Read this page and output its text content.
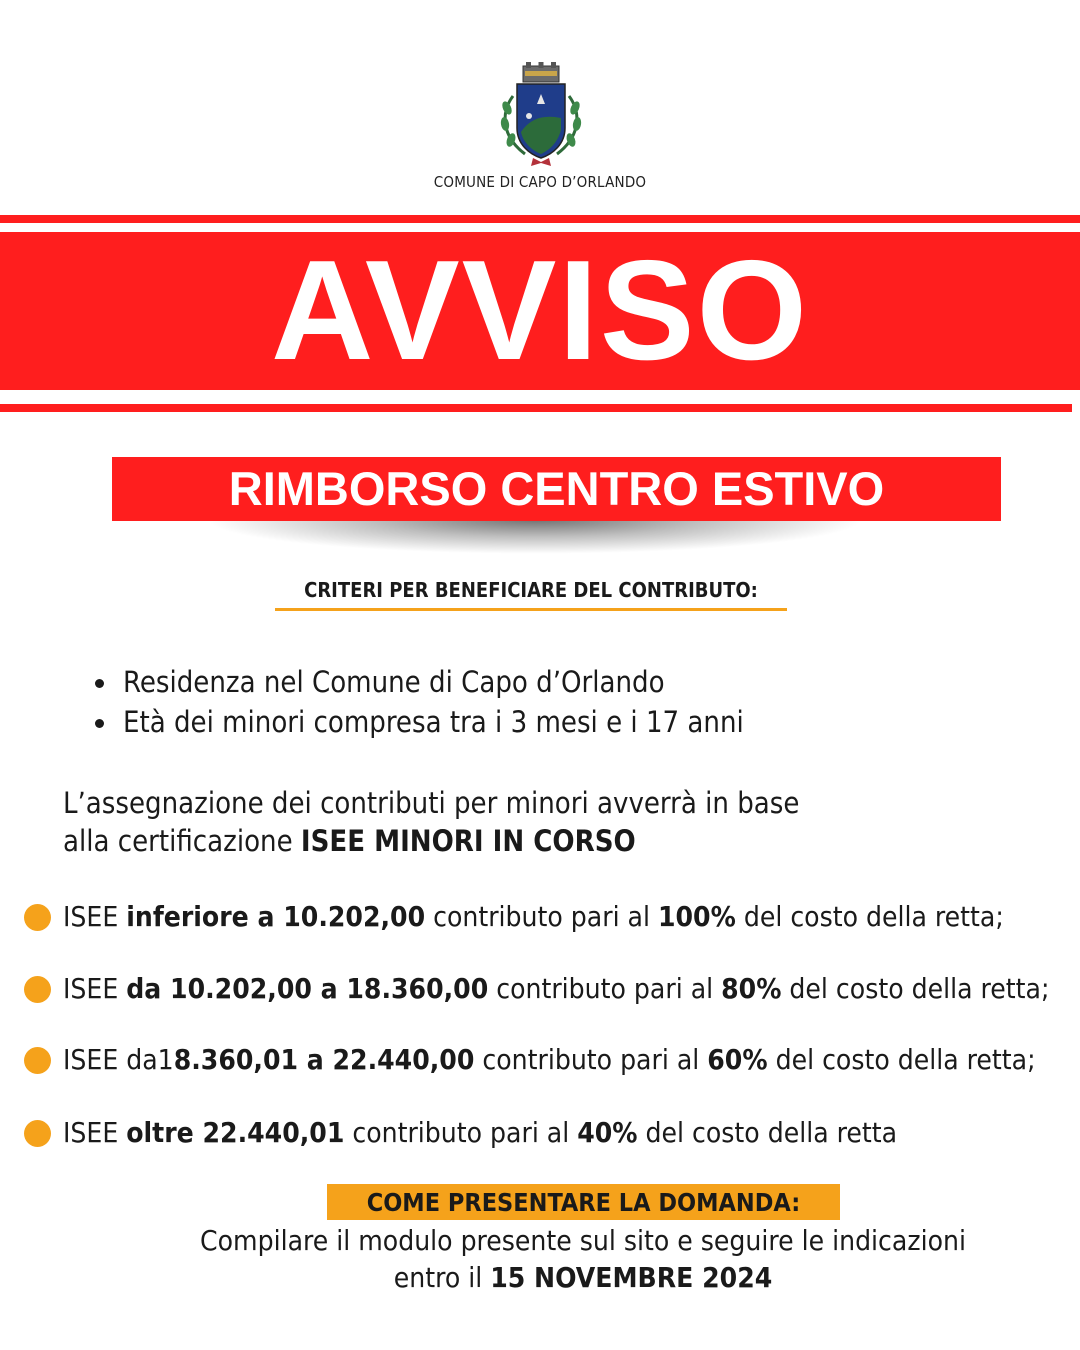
COMUNE DI CAPO D’ORLANDO
AVVISO
RIMBORSO CENTRO ESTIVO
CRITERI PER BENEFICIARE DEL CONTRIBUTO:
Residenza nel Comune di Capo d’Orlando
Età dei minori compresa tra i 3 mesi e i 17 anni
L’assegnazione dei contributi per minori avverrà in base
alla certificazione ISEE MINORI IN CORSO
ISEE inferiore a 10.202,00 contributo pari al 100% del costo della retta;
ISEE da 10.202,00 a 18.360,00 contributo pari al 80% del costo della retta;
ISEE da18.360,01 a 22.440,00 contributo pari al 60% del costo della retta;
ISEE oltre 22.440,01 contributo pari al 40% del costo della retta
COME PRESENTARE LA DOMANDA:
Compilare il modulo presente sul sito e seguire le indicazioni
entro il 15 NOVEMBRE 2024
